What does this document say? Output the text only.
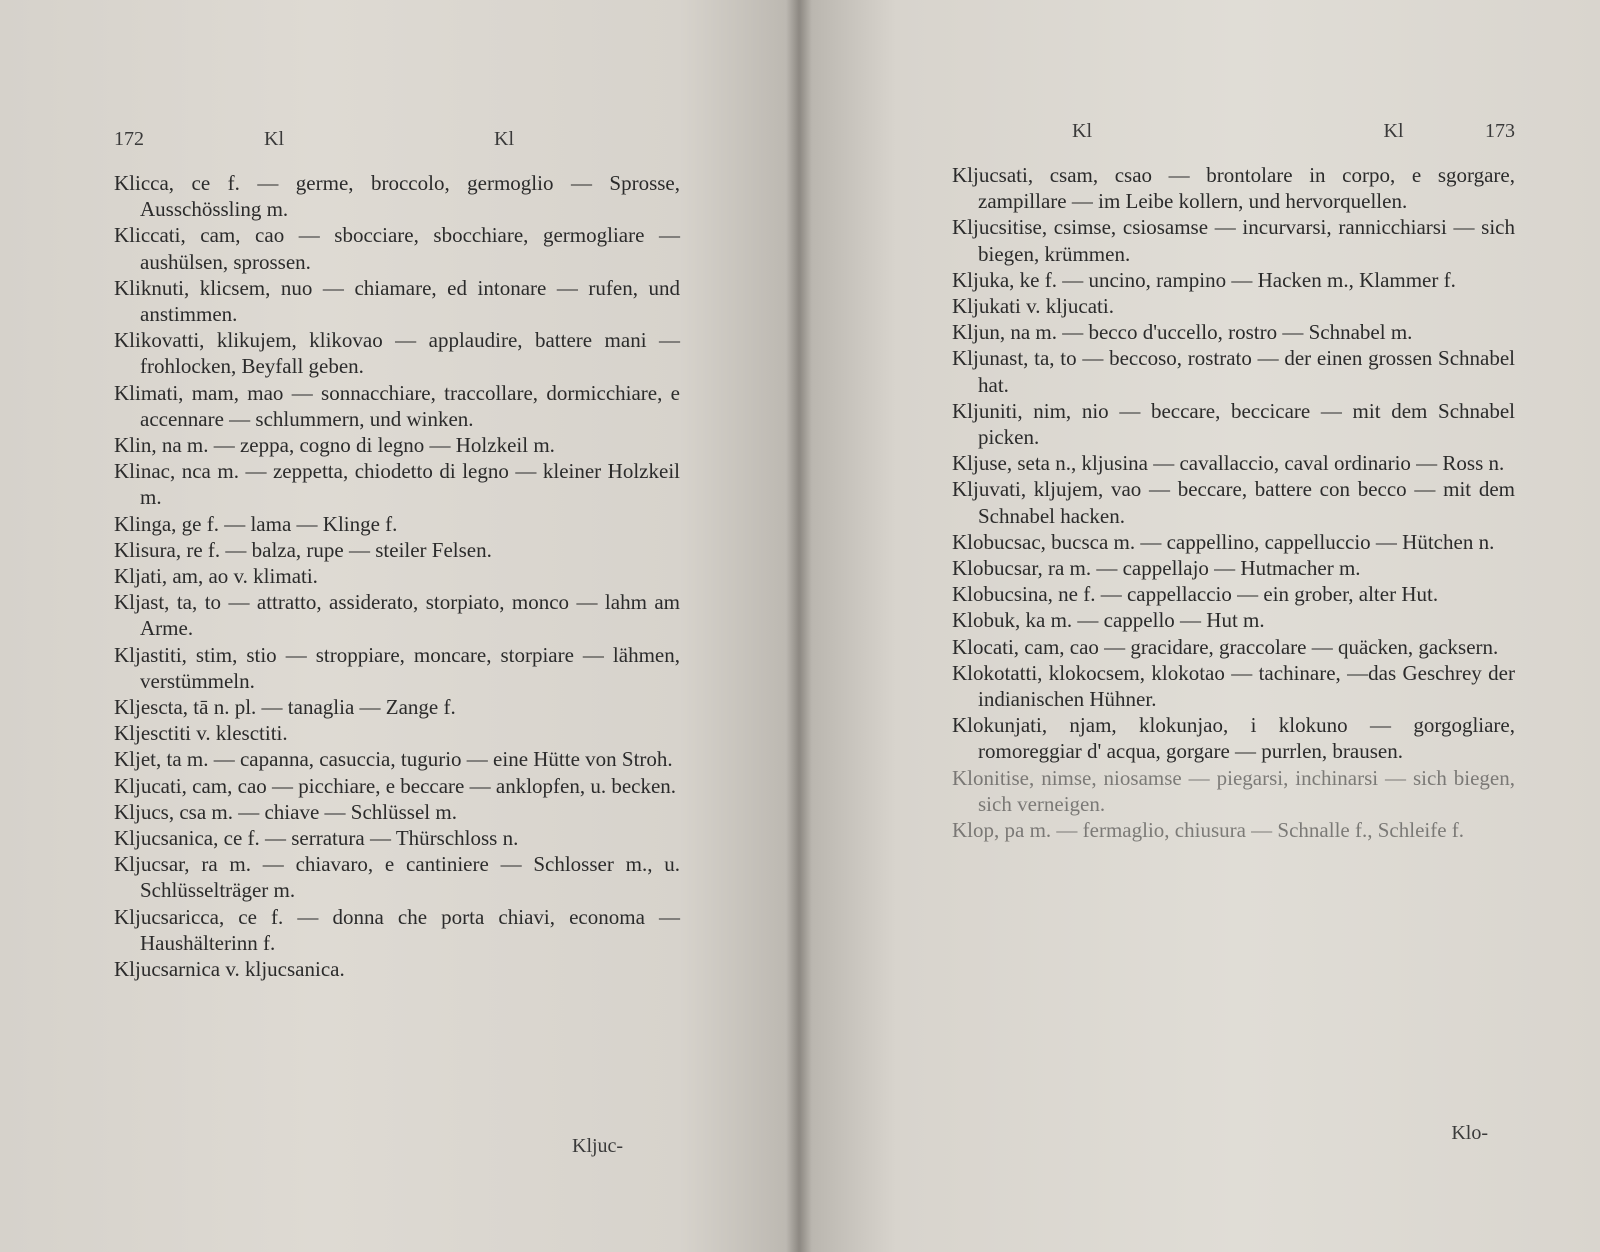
172	Kl	Kl

Klicca, ce f. — germe, broccolo, germoglio — Sprosse, Ausschössling m.

Kliccati, cam, cao — sbocciare, sbocchiare, germogliare — aushülsen, sprossen.

Kliknuti, klicsem, nuo — chiamare, ed intonare — rufen, und anstimmen.

Klikovatti, klikujem, klikovao — applaudire, battere mani — frohlocken, Beyfall geben.

Klimati, mam, mao — sonnacchiare, traccollare, dormicchiare, e accennare — schlummern, und winken.

Klin, na m. — zeppa, cogno di legno — Holzkeil m.

Klinac, nca m. — zeppetta, chiodetto di legno — kleiner Holzkeil m.

Klinga, ge f. — lama — Klinge f.

Klisura, re f. — balza, rupe — steiler Felsen.

Kljati, am, ao v. klimati.

Kljast, ta, to — attratto, assiderato, storpiato, monco — lahm am Arme.

Kljastiti, stim, stio — stroppiare, moncare, storpiare — lähmen, verstümmeln.

Kljescta, tā n. pl. — tanaglia — Zange f.

Kljesctiti v. klesctiti.

Kljet, ta m. — capanna, casuccia, tugurio — eine Hütte von Stroh.

Kljucati, cam, cao — picchiare, e beccare — anklopfen, u. becken.

Kljucs, csa m. — chiave — Schlüssel m.

Kljucsanica, ce f. — serratura — Thürschloss n.

Kljucsar, ra m. — chiavaro, e cantiniere — Schlosser m., u. Schlüsselträger m.

Kljucsaricca, ce f. — donna che porta chiavi, economa — Haushälterinn f.

Kljucsarnica v. kljucsanica.

Kljuc-
Kl	Kl	173

Kljucsati, csam, csao — brontolare in corpo, e sgorgare, zampillare — im Leibe kollern, und hervorquellen.

Kljucsitise, csimse, csiosamse — incurvarsi, rannicchiarsi — sich biegen, krümmen.

Kljuka, ke f. — uncino, rampino — Hacken m., Klammer f.

Kljukati v. kljucati.

Kljun, na m. — becco d'uccello, rostro — Schnabel m.

Kljunast, ta, to — beccoso, rostrato — der einen grossen Schnabel hat.

Kljuniti, nim, nio — beccare, beccicare — mit dem Schnabel picken.

Kljuse, seta n., kljusina — cavallaccio, caval ordinario — Ross n.

Kljuvati, kljujem, vao — beccare, battere con becco — mit dem Schnabel hacken.

Klobucsac, bucsca m. — cappellino, cappelluccio — Hütchen n.

Klobucsar, ra m. — cappellajo — Hutmacher m.

Klobucsina, ne f. — cappellaccio — ein grober, alter Hut.

Klobuk, ka m. — cappello — Hut m.

Klocati, cam, cao — gracidare, graccolare — quäcken, gacksern.

Klokotatti, klokocsem, klokotao — tachinare, —das Geschrey der indianischen Hühner.

Klokunjati, njam, klokunjao, i klokuno — gorgogliare, romoreggiar d' acqua, gorgare — purrlen, brausen.

Klonitise, nimse, niosamse — piegarsi, inchinarsi — sich biegen, sich verneigen.

Klop, pa m. — fermaglio, chiusura — Schnalle f., Schleife f.

Klo-
